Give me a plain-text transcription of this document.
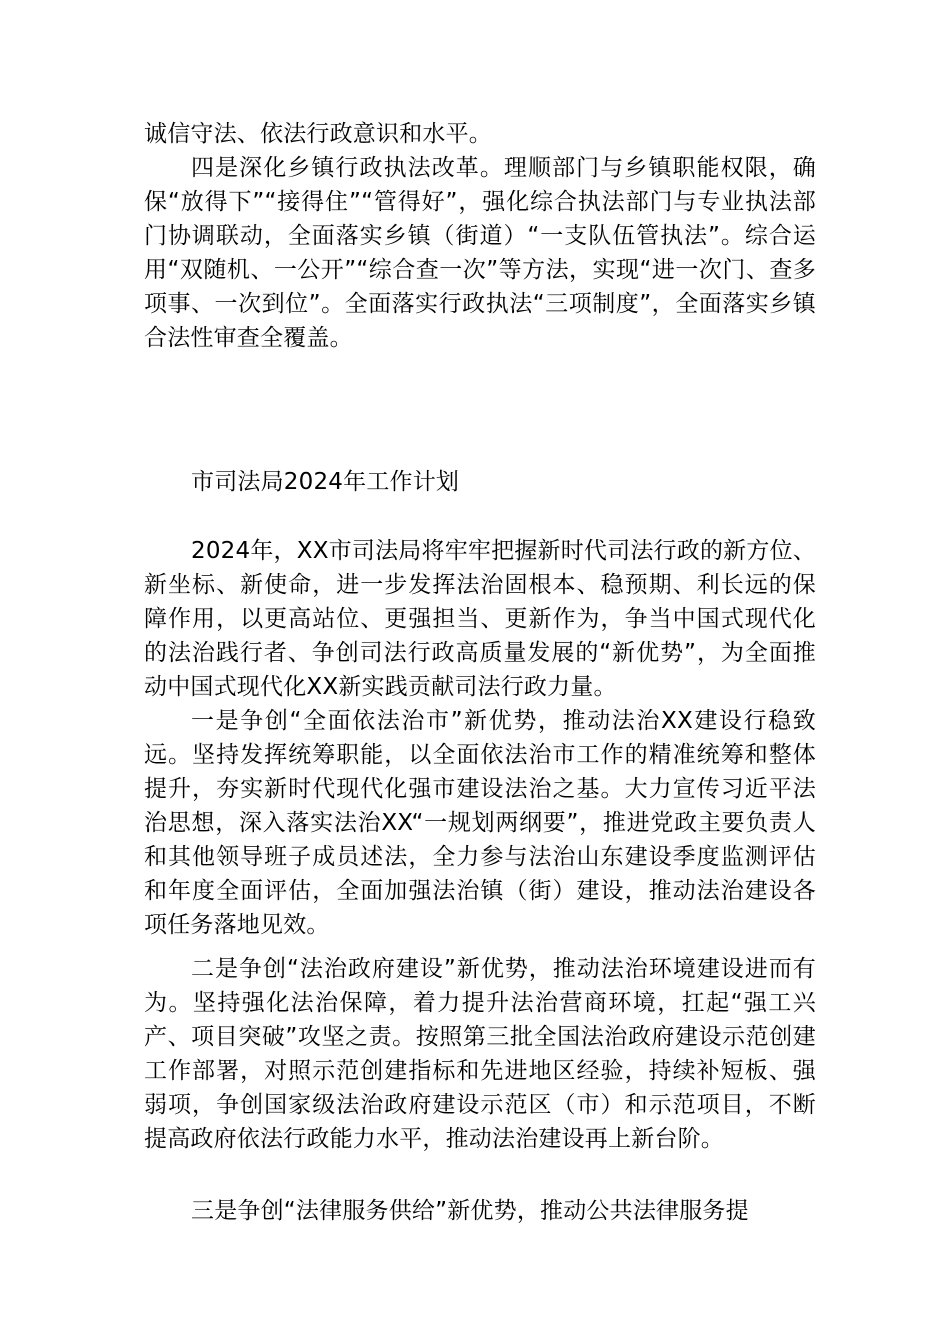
诚信守法、依法行政意识和水平。

四是深化乡镇行政执法改革。理顺部门与乡镇职能权限，确保“放得下”“接得住”“管得好”，强化综合执法部门与专业执法部门协调联动，全面落实乡镇（街道）“一支队伍管执法”。综合运用“双随机、一公开”“综合查一次”等方法，实现“进一次门、查多项事、一次到位”。全面落实行政执法“三项制度”，全面落实乡镇合法性审查全覆盖。

市司法局2024年工作计划

2024年，XX市司法局将牢牢把握新时代司法行政的新方位、新坐标、新使命，进一步发挥法治固根本、稳预期、利长远的保障作用，以更高站位、更强担当、更新作为，争当中国式现代化的法治践行者、争创司法行政高质量发展的“新优势”，为全面推动中国式现代化XX新实践贡献司法行政力量。

一是争创“全面依法治市”新优势，推动法治XX建设行稳致远。坚持发挥统筹职能，以全面依法治市工作的精准统筹和整体提升，夯实新时代现代化强市建设法治之基。大力宣传习近平法治思想，深入落实法治XX“一规划两纲要”，推进党政主要负责人和其他领导班子成员述法，全力参与法治山东建设季度监测评估和年度全面评估，全面加强法治镇（街）建设，推动法治建设各项任务落地见效。

二是争创“法治政府建设”新优势，推动法治环境建设进而有为。坚持强化法治保障，着力提升法治营商环境，扛起“强工兴产、项目突破”攻坚之责。按照第三批全国法治政府建设示范创建工作部署，对照示范创建指标和先进地区经验，持续补短板、强弱项，争创国家级法治政府建设示范区（市）和示范项目，不断提高政府依法行政能力水平，推动法治建设再上新台阶。

三是争创“法律服务供给”新优势，推动公共法律服务提
